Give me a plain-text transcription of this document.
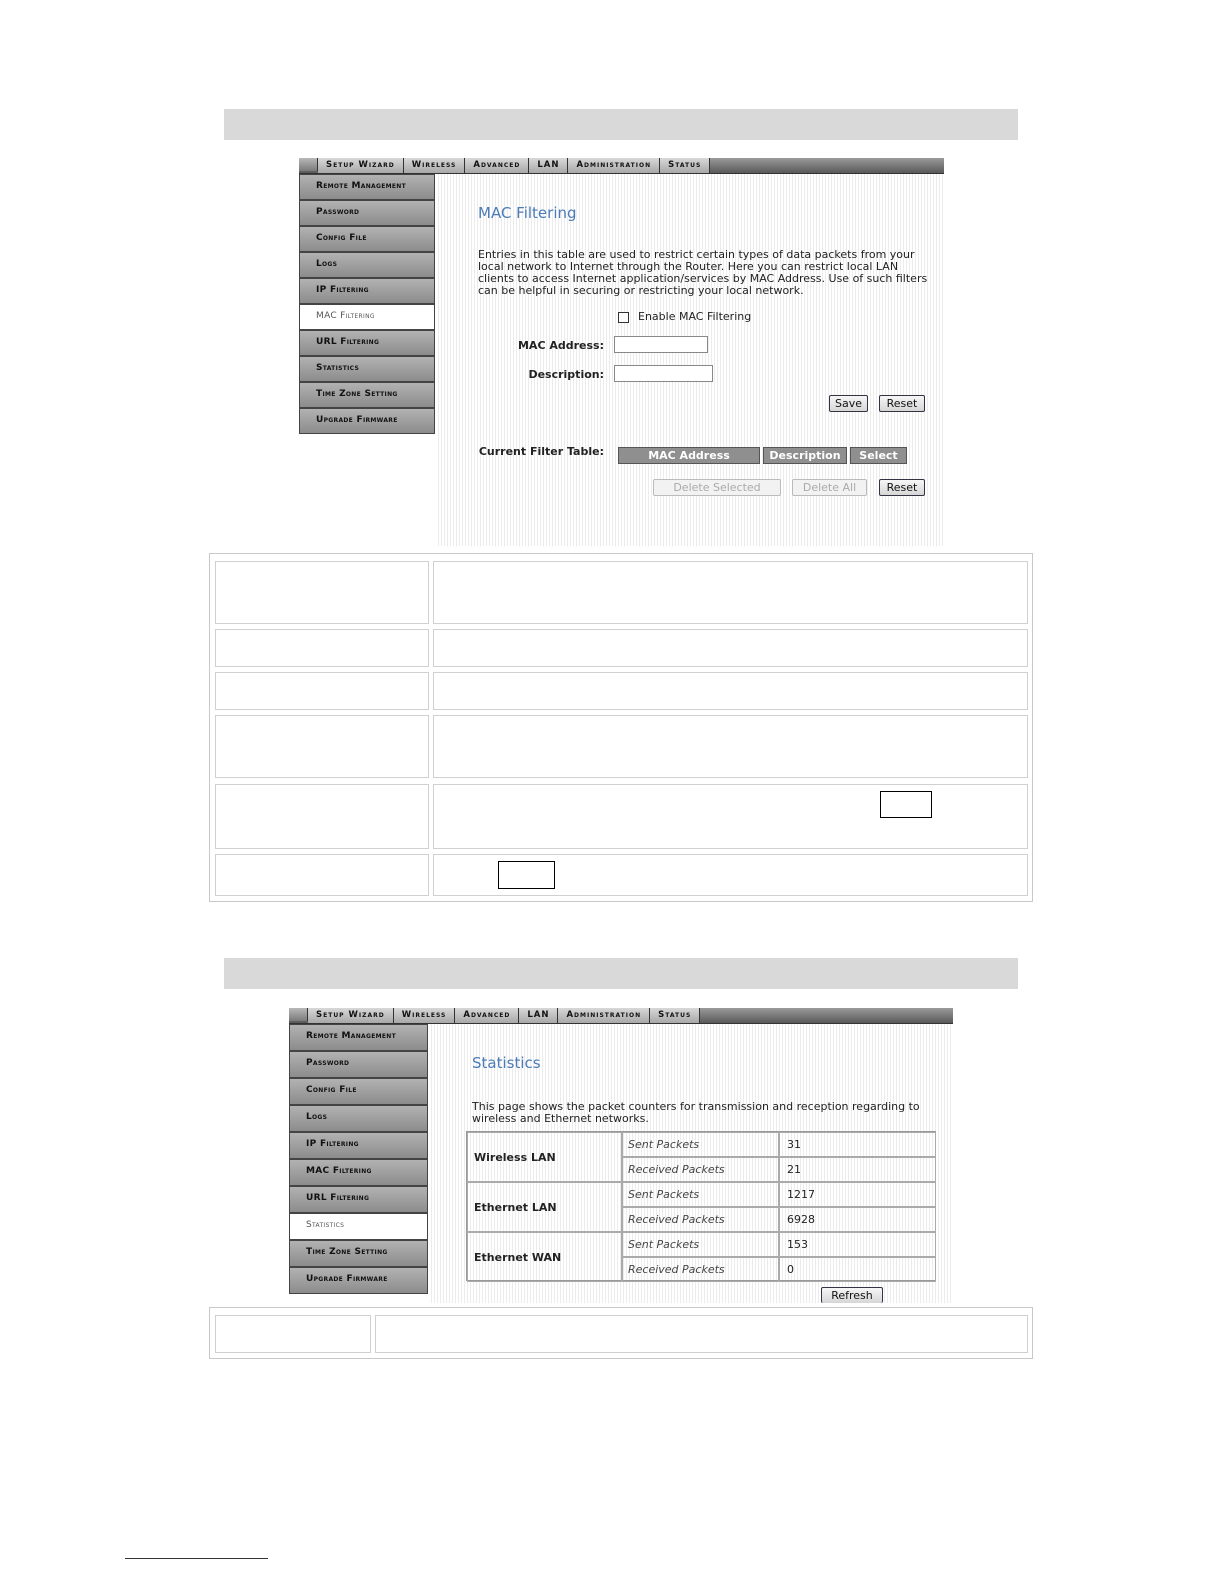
Setup Wizard	Wireless	Advanced	LAN	Administration	Status
Remote Management
Password
Config File
Logs
IP Filtering
MAC Filtering
URL Filtering
Statistics
Time Zone Setting
Upgrade Firmware
MAC Filtering
Entries in this table are used to restrict certain types of data packets from your local network to Internet through the Router. Here you can restrict local LAN clients to access Internet application/services by MAC Address. Use of such filters can be helpful in securing or restricting your local network.
Enable MAC Filtering
MAC Address:
Description:
Save	Reset
Current Filter Table:	MAC Address	Description	Select
Delete Selected	Delete All	Reset
Setup Wizard	Wireless	Advanced	LAN	Administration	Status
Remote Management
Password
Config File
Logs
IP Filtering
MAC Filtering
URL Filtering
Statistics
Time Zone Setting
Upgrade Firmware
Statistics
This page shows the packet counters for transmission and reception regarding to wireless and Ethernet networks.
Wireless LAN
Sent Packets	31
Received Packets	21
Ethernet LAN
Sent Packets	1217
Received Packets	6928
Ethernet WAN
Sent Packets	153
Received Packets	0
Refresh
